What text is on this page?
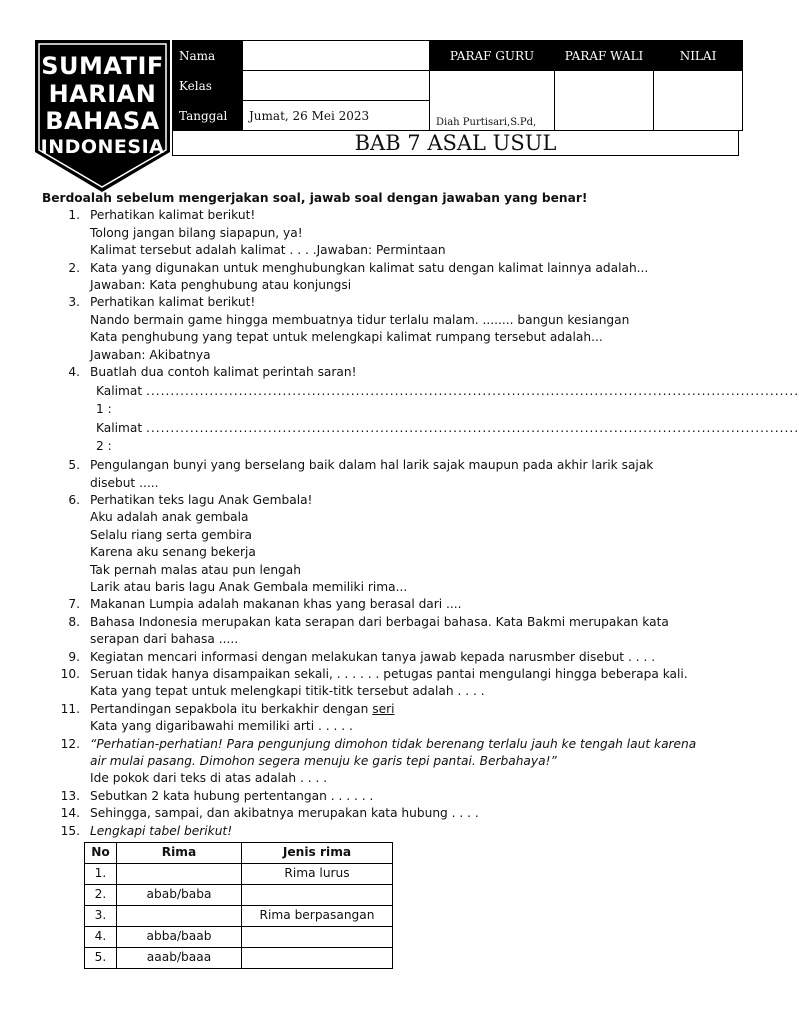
SUMATIF
HARIAN
BAHASA
INDONESIA
Nama		PARAF GURU	PARAF WALI	NILAI
Kelas		Diah Purtisari,S.Pd,		
Tanggal	Jumat, 26 Mei 2023			
BAB 7 ASAL USUL
Berdoalah sebelum mengerjakan soal, jawab soal dengan jawaban yang benar!
1. Perhatikan kalimat berikut!
Tolong jangan bilang siapapun, ya!
Kalimat tersebut adalah kalimat . . . .Jawaban: Permintaan
2. Kata yang digunakan untuk menghubungkan kalimat satu dengan kalimat lainnya adalah...
Jawaban: Kata penghubung atau konjungsi
3. Perhatikan kalimat berikut!
Nando bermain game hingga membuatnya tidur terlalu malam. ........ bangun kesiangan
Kata penghubung yang tepat untuk melengkapi kalimat rumpang tersebut adalah...
Jawaban: Akibatnya
4. Buatlah dua contoh kalimat perintah saran!
Kalimat 1 :

......................................................................................................................................
Kalimat 2 :

......................................................................................................................................
5. Pengulangan bunyi yang berselang baik dalam hal larik sajak maupun pada akhir larik sajak
disebut .....
6. Perhatikan teks lagu Anak Gembala!
Aku adalah anak gembala
Selalu riang serta gembira
Karena aku senang bekerja
Tak pernah malas atau pun lengah
Larik atau baris lagu Anak Gembala memiliki rima...
7. Makanan Lumpia adalah makanan khas yang berasal dari ....
8. Bahasa Indonesia merupakan kata serapan dari berbagai bahasa. Kata Bakmi merupakan kata
serapan dari bahasa .....
9. Kegiatan mencari informasi dengan melakukan tanya jawab kepada narusmber disebut . . . .
10. Seruan tidak hanya disampaikan sekali, . . . . . . petugas pantai mengulangi hingga beberapa kali.
Kata yang tepat untuk melengkapi titik-titk tersebut adalah . . . .
11. Pertandingan sepakbola itu berkakhir dengan seri
Kata yang digaribawahi memiliki arti . . . . .
12. “Perhatian-perhatian! Para pengunjung dimohon tidak berenang terlalu jauh ke tengah laut karena
air mulai pasang. Dimohon segera menuju ke garis tepi pantai. Berbahaya!”
Ide pokok dari teks di atas adalah . . . .
13. Sebutkan 2 kata hubung pertentangan . . . . . .
14. Sehingga, sampai, dan akibatnya merupakan kata hubung . . . .
15. Lengkapi tabel berikut!
No	Rima	Jenis rima
1.		Rima lurus
2.	abab/baba	
3.		Rima berpasangan
4.	abba/baab	
5.	aaab/baaa	
